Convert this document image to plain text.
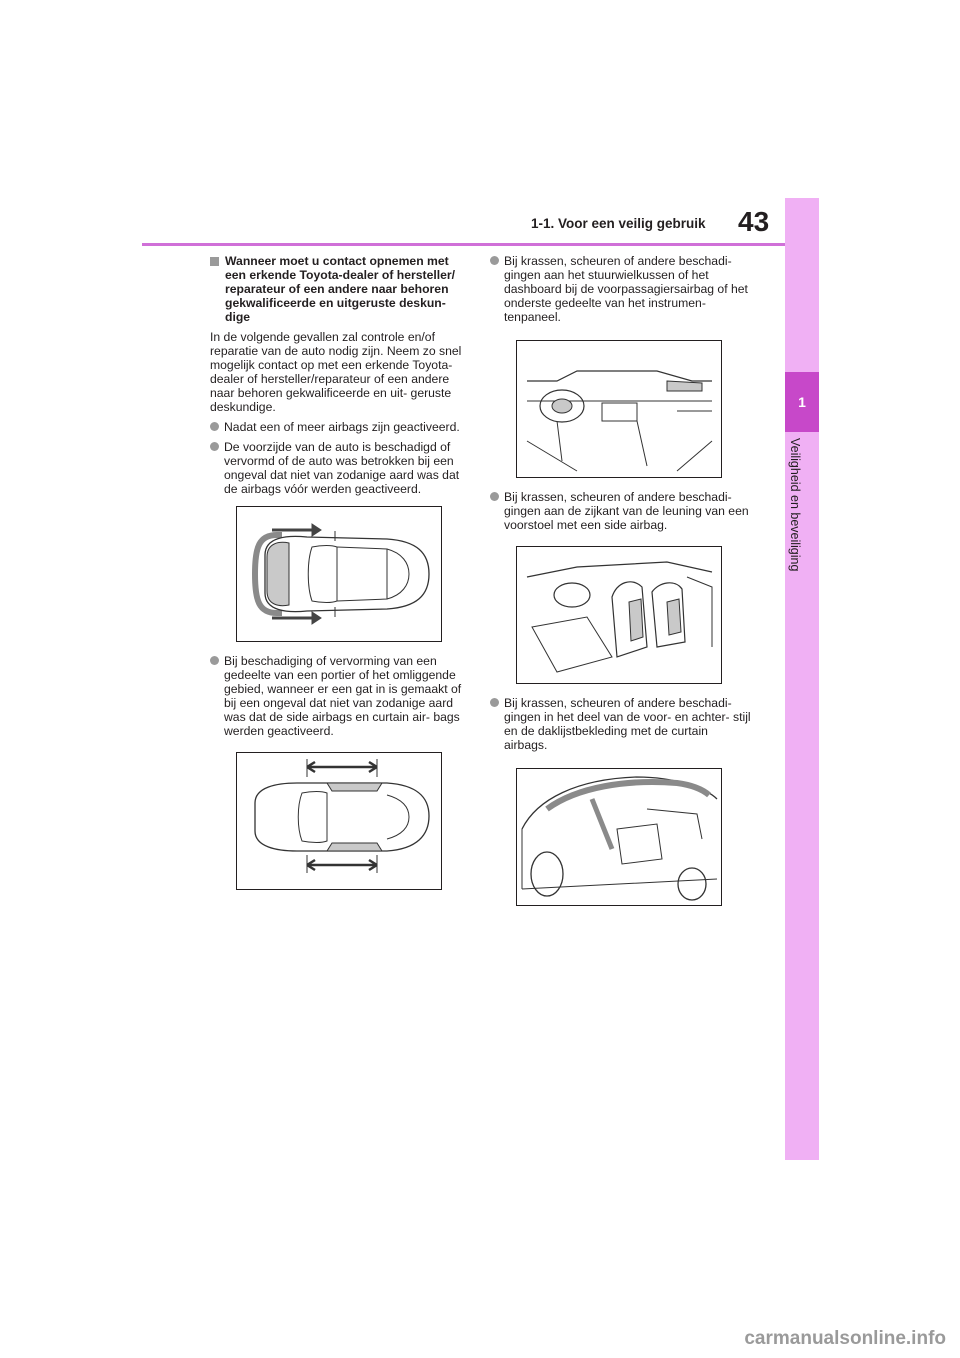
1-1. Voor een veilig gebruik 43
1
Veiligheid en beveiliging

Wanneer moet u contact opnemen met een erkende Toyota-dealer of hersteller/ reparateur of een andere naar behoren gekwalificeerde en uitgeruste deskun- dige

In de volgende gevallen zal controle en/of reparatie van de auto nodig zijn. Neem zo snel mogelijk contact op met een erkende Toyota-dealer of hersteller/reparateur of een andere naar behoren gekwalificeerde en uit- geruste deskundige.

Nadat een of meer airbags zijn geactiveerd.

De voorzijde van de auto is beschadigd of vervormd of de auto was betrokken bij een ongeval dat niet van zodanige aard was dat de airbags vóór werden geactiveerd.

Bij beschadiging of vervorming van een gedeelte van een portier of het omliggende gebied, wanneer er een gat in is gemaakt of bij een ongeval dat niet van zodanige aard was dat de side airbags en curtain air- bags werden geactiveerd.

Bij krassen, scheuren of andere beschadi- gingen aan het stuurwielkussen of het dashboard bij de voorpassagiersairbag of het onderste gedeelte van het instrumen- tenpaneel.

Bij krassen, scheuren of andere beschadi- gingen aan de zijkant van de leuning van een voorstoel met een side airbag.

Bij krassen, scheuren of andere beschadi- gingen in het deel van de voor- en achter- stijl en de daklijstbekleding met de curtain airbags.

carmanualsonline.info
